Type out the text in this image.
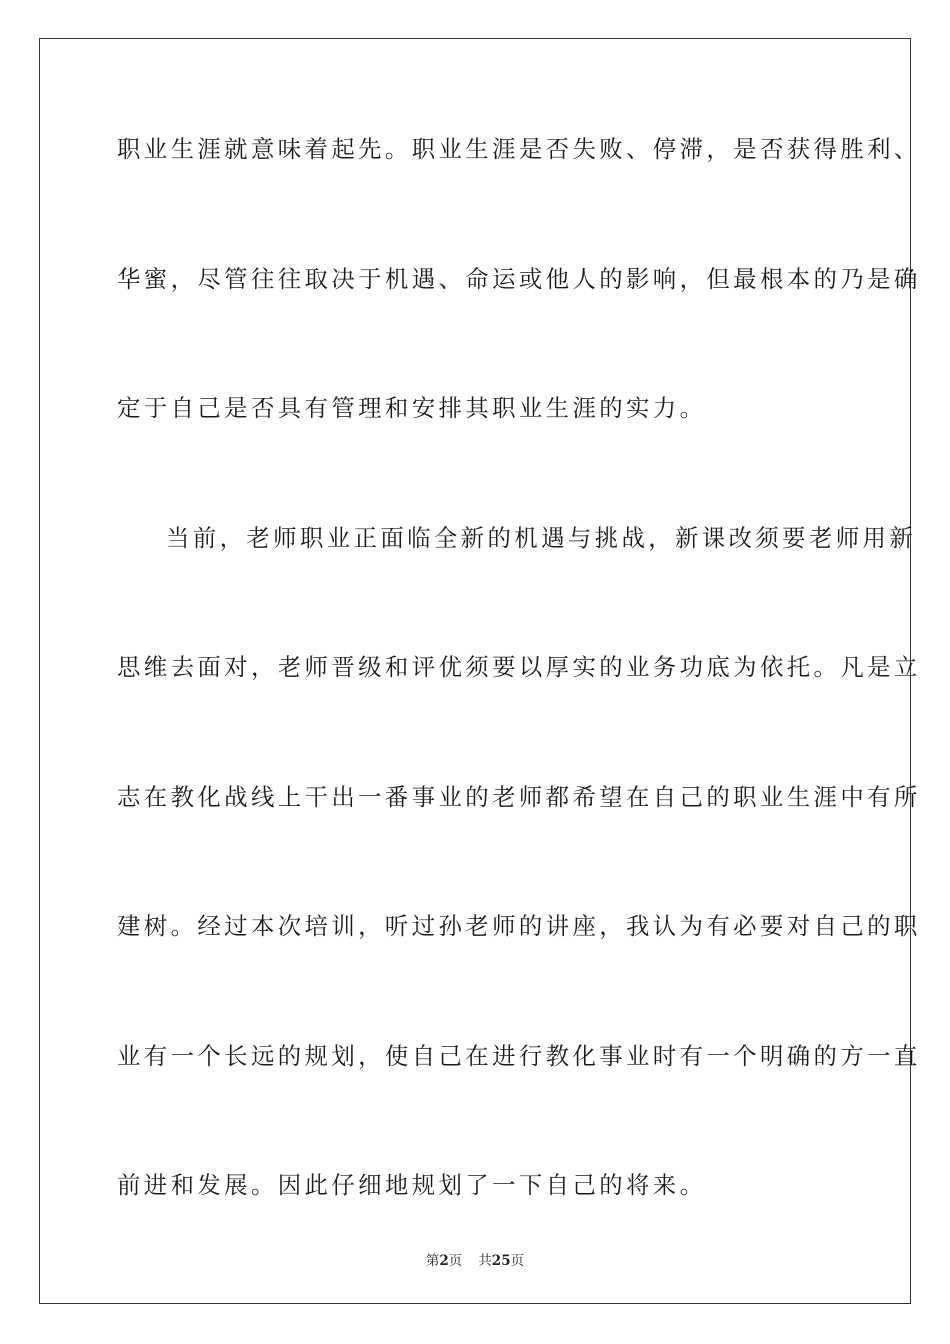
职业生涯就意味着起先。职业生涯是否失败、停滞，是否获得胜利、
华蜜，尽管往往取决于机遇、命运或他人的影响，但最根本的乃是确
定于自己是否具有管理和安排其职业生涯的实力。
当前，老师职业正面临全新的机遇与挑战，新课改须要老师用新
思维去面对，老师晋级和评优须要以厚实的业务功底为依托。凡是立
志在教化战线上干出一番事业的老师都希望在自己的职业生涯中有所
建树。经过本次培训，听过孙老师的讲座，我认为有必要对自己的职
业有一个长远的规划，使自己在进行教化事业时有一个明确的方一直
前进和发展。因此仔细地规划了一下自己的将来。
第2页 共25页
